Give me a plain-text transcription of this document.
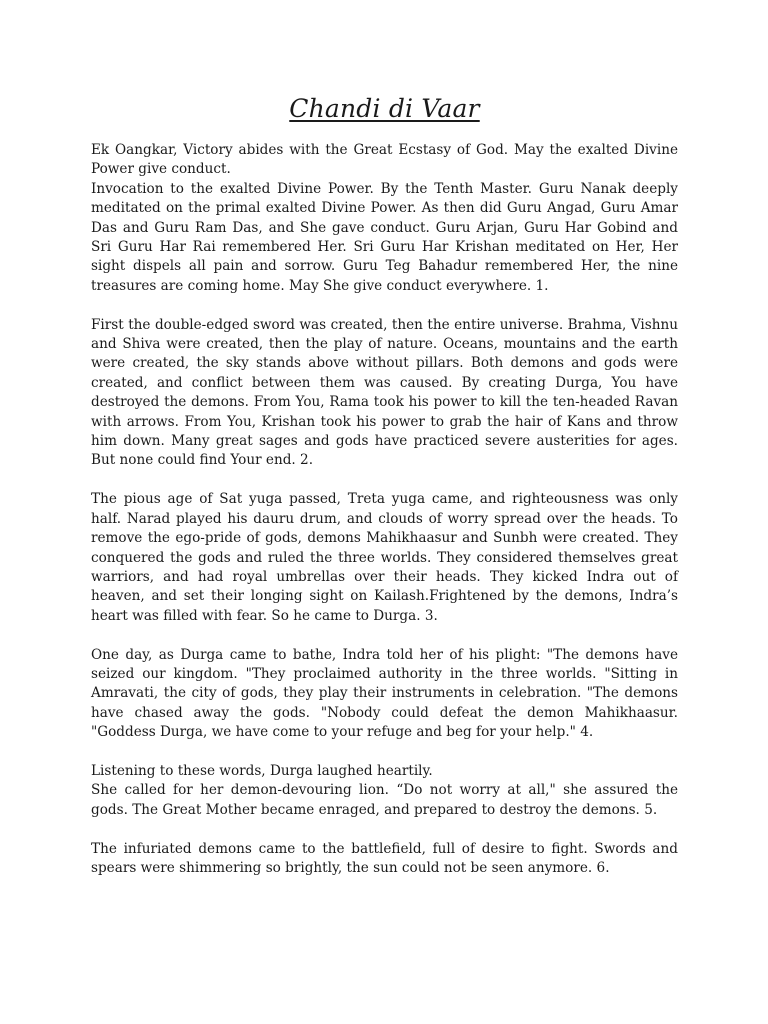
Chandi di Vaar
Ek Oangkar, Victory abides with the Great Ecstasy of God. May the exalted Divine Power give conduct.
Invocation to the exalted Divine Power. By the Tenth Master. Guru Nanak deeply meditated on the primal exalted Divine Power. As then did Guru Angad, Guru Amar Das and Guru Ram Das, and She gave conduct. Guru Arjan, Guru Har Gobind and Sri Guru Har Rai remembered Her. Sri Guru Har Krishan meditated on Her, Her sight dispels all pain and sorrow. Guru Teg Bahadur remembered Her, the nine treasures are coming home. May She give conduct everywhere. 1.
First the double-edged sword was created, then the entire universe. Brahma, Vishnu and Shiva were created, then the play of nature. Oceans, mountains and the earth were created, the sky stands above without pillars. Both demons and gods were created, and conflict between them was caused. By creating Durga, You have destroyed the demons. From You, Rama took his power to kill the ten-headed Ravan with arrows. From You, Krishan took his power to grab the hair of Kans and throw him down. Many great sages and gods have practiced severe austerities for ages. But none could find Your end. 2.
The pious age of Sat yuga passed, Treta yuga came, and righteousness was only half. Narad played his dauru drum, and clouds of worry spread over the heads. To remove the ego-pride of gods, demons Mahikhaasur and Sunbh were created. They conquered the gods and ruled the three worlds. They considered themselves great warriors, and had royal umbrellas over their heads. They kicked Indra out of heaven, and set their longing sight on Kailash.Frightened by the demons, Indra’s heart was filled with fear. So he came to Durga. 3.
One day, as Durga came to bathe, Indra told her of his plight: "The demons have seized our kingdom. "They proclaimed authority in the three worlds. "Sitting in Amravati, the city of gods, they play their instruments in celebration. "The demons have chased away the gods. "Nobody could defeat the demon Mahikhaasur. "Goddess Durga, we have come to your refuge and beg for your help." 4.
Listening to these words, Durga laughed heartily.
She called for her demon-devouring lion. “Do not worry at all," she assured the gods. The Great Mother became enraged, and prepared to destroy the demons. 5.
The infuriated demons came to the battlefield, full of desire to fight. Swords and spears were shimmering so brightly, the sun could not be seen anymore. 6.
